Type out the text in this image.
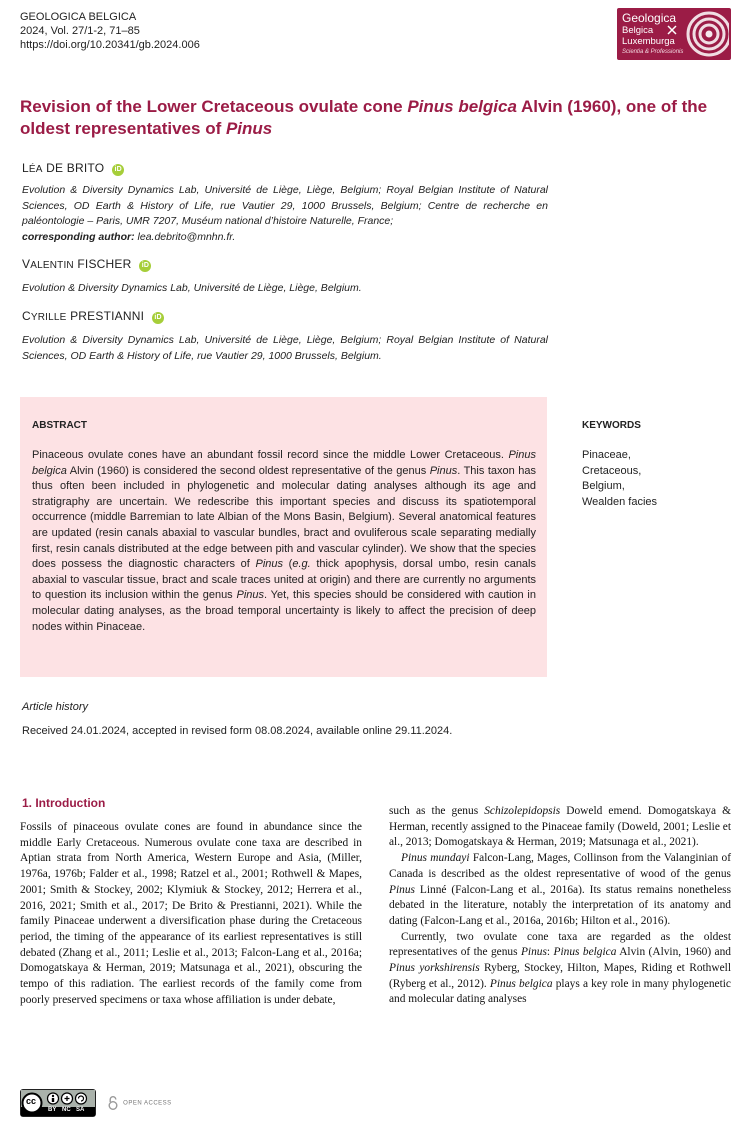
GEOLOGICA BELGICA
2024, Vol. 27/1-2, 71–85
https://doi.org/10.20341/gb.2024.006
Geologica
Belgica
Luxemburga
Scientia & Professionis
Revision of the Lower Cretaceous ovulate cone Pinus belgica Alvin (1960), one of the oldest representatives of Pinus
LÉA DE BRITO iD
Evolution & Diversity Dynamics Lab, Université de Liège, Liège, Belgium; Royal Belgian Institute of Natural Sciences, OD Earth & History of Life, rue Vautier 29, 1000 Brussels, Belgium; Centre de recherche en paléontologie – Paris, UMR 7207, Muséum national d’histoire Naturelle, France;
corresponding author: lea.debrito@mnhn.fr.
VALENTIN FISCHER iD
Evolution & Diversity Dynamics Lab, Université de Liège, Liège, Belgium.
CYRILLE PRESTIANNI iD
Evolution & Diversity Dynamics Lab, Université de Liège, Liège, Belgium; Royal Belgian Institute of Natural Sciences, OD Earth & History of Life, rue Vautier 29, 1000 Brussels, Belgium.
ABSTRACT
Pinaceous ovulate cones have an abundant fossil record since the middle Lower Cretaceous. Pinus belgica Alvin (1960) is considered the second oldest representative of the genus Pinus. This taxon has thus often been included in phylogenetic and molecular dating analyses although its age and stratigraphy are uncertain. We redescribe this important species and discuss its spatiotemporal occurrence (middle Barremian to late Albian of the Mons Basin, Belgium). Several anatomical features are updated (resin canals abaxial to vascular bundles, bract and ovuliferous scale separating medially first, resin canals distributed at the edge between pith and vascular cylinder). We show that the species does possess the diagnostic characters of Pinus (e.g. thick apophysis, dorsal umbo, resin canals abaxial to vascular tissue, bract and scale traces united at origin) and there are currently no arguments to question its inclusion within the genus Pinus. Yet, this species should be considered with caution in molecular dating analyses, as the broad temporal uncertainty is likely to affect the precision of deep nodes within Pinaceae.
KEYWORDS
Pinaceae,
Cretaceous,
Belgium,
Wealden facies
Article history
Received 24.01.2024, accepted in revised form 08.08.2024, available online 29.11.2024.
1. Introduction

Fossils of pinaceous ovulate cones are found in abundance since the middle Early Cretaceous. Numerous ovulate cone taxa are described in Aptian strata from North America, Western Europe and Asia, (Miller, 1976a, 1976b; Falder et al., 1998; Ratzel et al., 2001; Rothwell & Mapes, 2001; Smith & Stockey, 2002; Klymiuk & Stockey, 2012; Herrera et al., 2016, 2021; Smith et al., 2017; De Brito & Prestianni, 2021). While the family Pinaceae underwent a diversification phase during the Cretaceous period, the timing of the appearance of its earliest representatives is still debated (Zhang et al., 2011; Leslie et al., 2013; Falcon-Lang et al., 2016a; Domogatskaya & Herman, 2019; Matsunaga et al., 2021), obscuring the tempo of this radiation. The earliest records of the family come from poorly preserved specimens or taxa whose affiliation is under debate,

such as the genus Schizolepidopsis Doweld emend. Domogatskaya & Herman, recently assigned to the Pinaceae family (Doweld, 2001; Leslie et al., 2013; Domogatskaya & Herman, 2019; Matsunaga et al., 2021).

Pinus mundayi Falcon-Lang, Mages, Collinson from the Valanginian of Canada is described as the oldest representative of wood of the genus Pinus Linné (Falcon-Lang et al., 2016a). Its status remains nonetheless debated in the literature, notably the interpretation of its anatomy and dating (Falcon-Lang et al., 2016a, 2016b; Hilton et al., 2016).

Currently, two ovulate cone taxa are regarded as the oldest representatives of the genus Pinus: Pinus belgica Alvin (Alvin, 1960) and Pinus yorkshirensis Ryberg, Stockey, Hilton, Mapes, Riding et Rothwell (Ryberg et al., 2012). Pinus belgica plays a key role in many phylogenetic and molecular dating analyses

cc
BY NC SA
OPEN ACCESS
